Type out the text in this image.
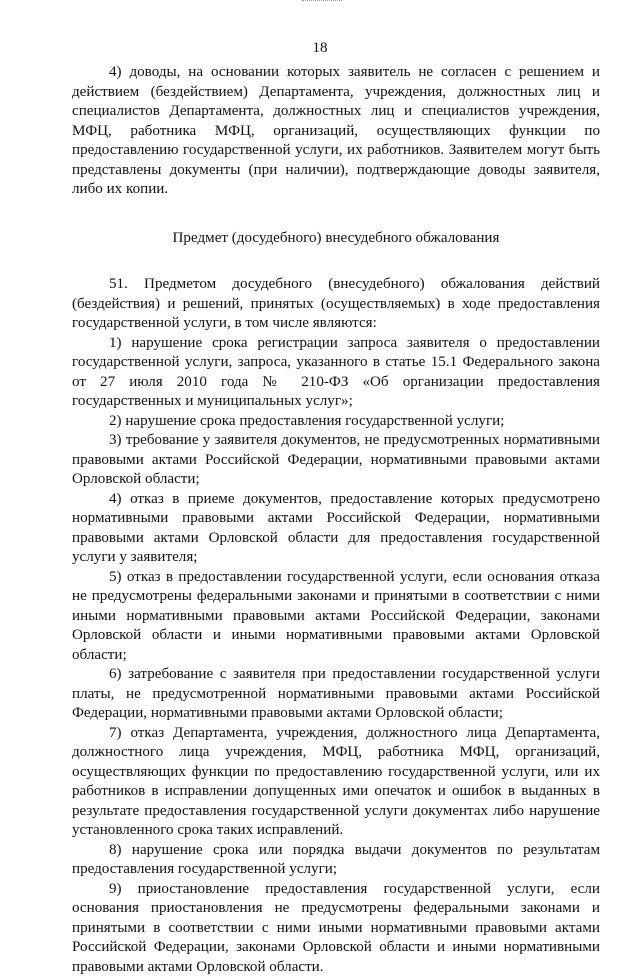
18

4) доводы, на основании которых заявитель не согласен с решением и действием (бездействием) Департамента, учреждения, должностных лиц и специалистов Департамента, должностных лиц и специалистов учреждения, МФЦ, работника МФЦ, организаций, осуществляющих функции по предоставлению государственной услуги, их работников. Заявителем могут быть представлены документы (при наличии), подтверждающие доводы заявителя, либо их копии.

Предмет (досудебного) внесудебного обжалования

51. Предметом досудебного (внесудебного) обжалования действий (бездействия) и решений, принятых (осуществляемых) в ходе предоставления государственной услуги, в том числе являются:

1) нарушение срока регистрации запроса заявителя о предоставлении государственной услуги, запроса, указанного в статье 15.1 Федерального закона от 27 июля 2010 года № 210-ФЗ «Об организации предоставления государственных и муниципальных услуг»;

2) нарушение срока предоставления государственной услуги;

3) требование у заявителя документов, не предусмотренных нормативными правовыми актами Российской Федерации, нормативными правовыми актами Орловской области;

4) отказ в приеме документов, предоставление которых предусмотрено нормативными правовыми актами Российской Федерации, нормативными правовыми актами Орловской области для предоставления государственной услуги у заявителя;

5) отказ в предоставлении государственной услуги, если основания отказа не предусмотрены федеральными законами и принятыми в соответствии с ними иными нормативными правовыми актами Российской Федерации, законами Орловской области и иными нормативными правовыми актами Орловской области;

6) затребование с заявителя при предоставлении государственной услуги платы, не предусмотренной нормативными правовыми актами Российской Федерации, нормативными правовыми актами Орловской области;

7) отказ Департамента, учреждения, должностного лица Департамента, должностного лица учреждения, МФЦ, работника МФЦ, организаций, осуществляющих функции по предоставлению государственной услуги, или их работников в исправлении допущенных ими опечаток и ошибок в выданных в результате предоставления государственной услуги документах либо нарушение установленного срока таких исправлений.

8) нарушение срока или порядка выдачи документов по результатам предоставления государственной услуги;

9) приостановление предоставления государственной услуги, если основания приостановления не предусмотрены федеральными законами и принятыми в соответствии с ними иными нормативными правовыми актами Российской Федерации, законами Орловской области и иными нормативными правовыми актами Орловской области.
